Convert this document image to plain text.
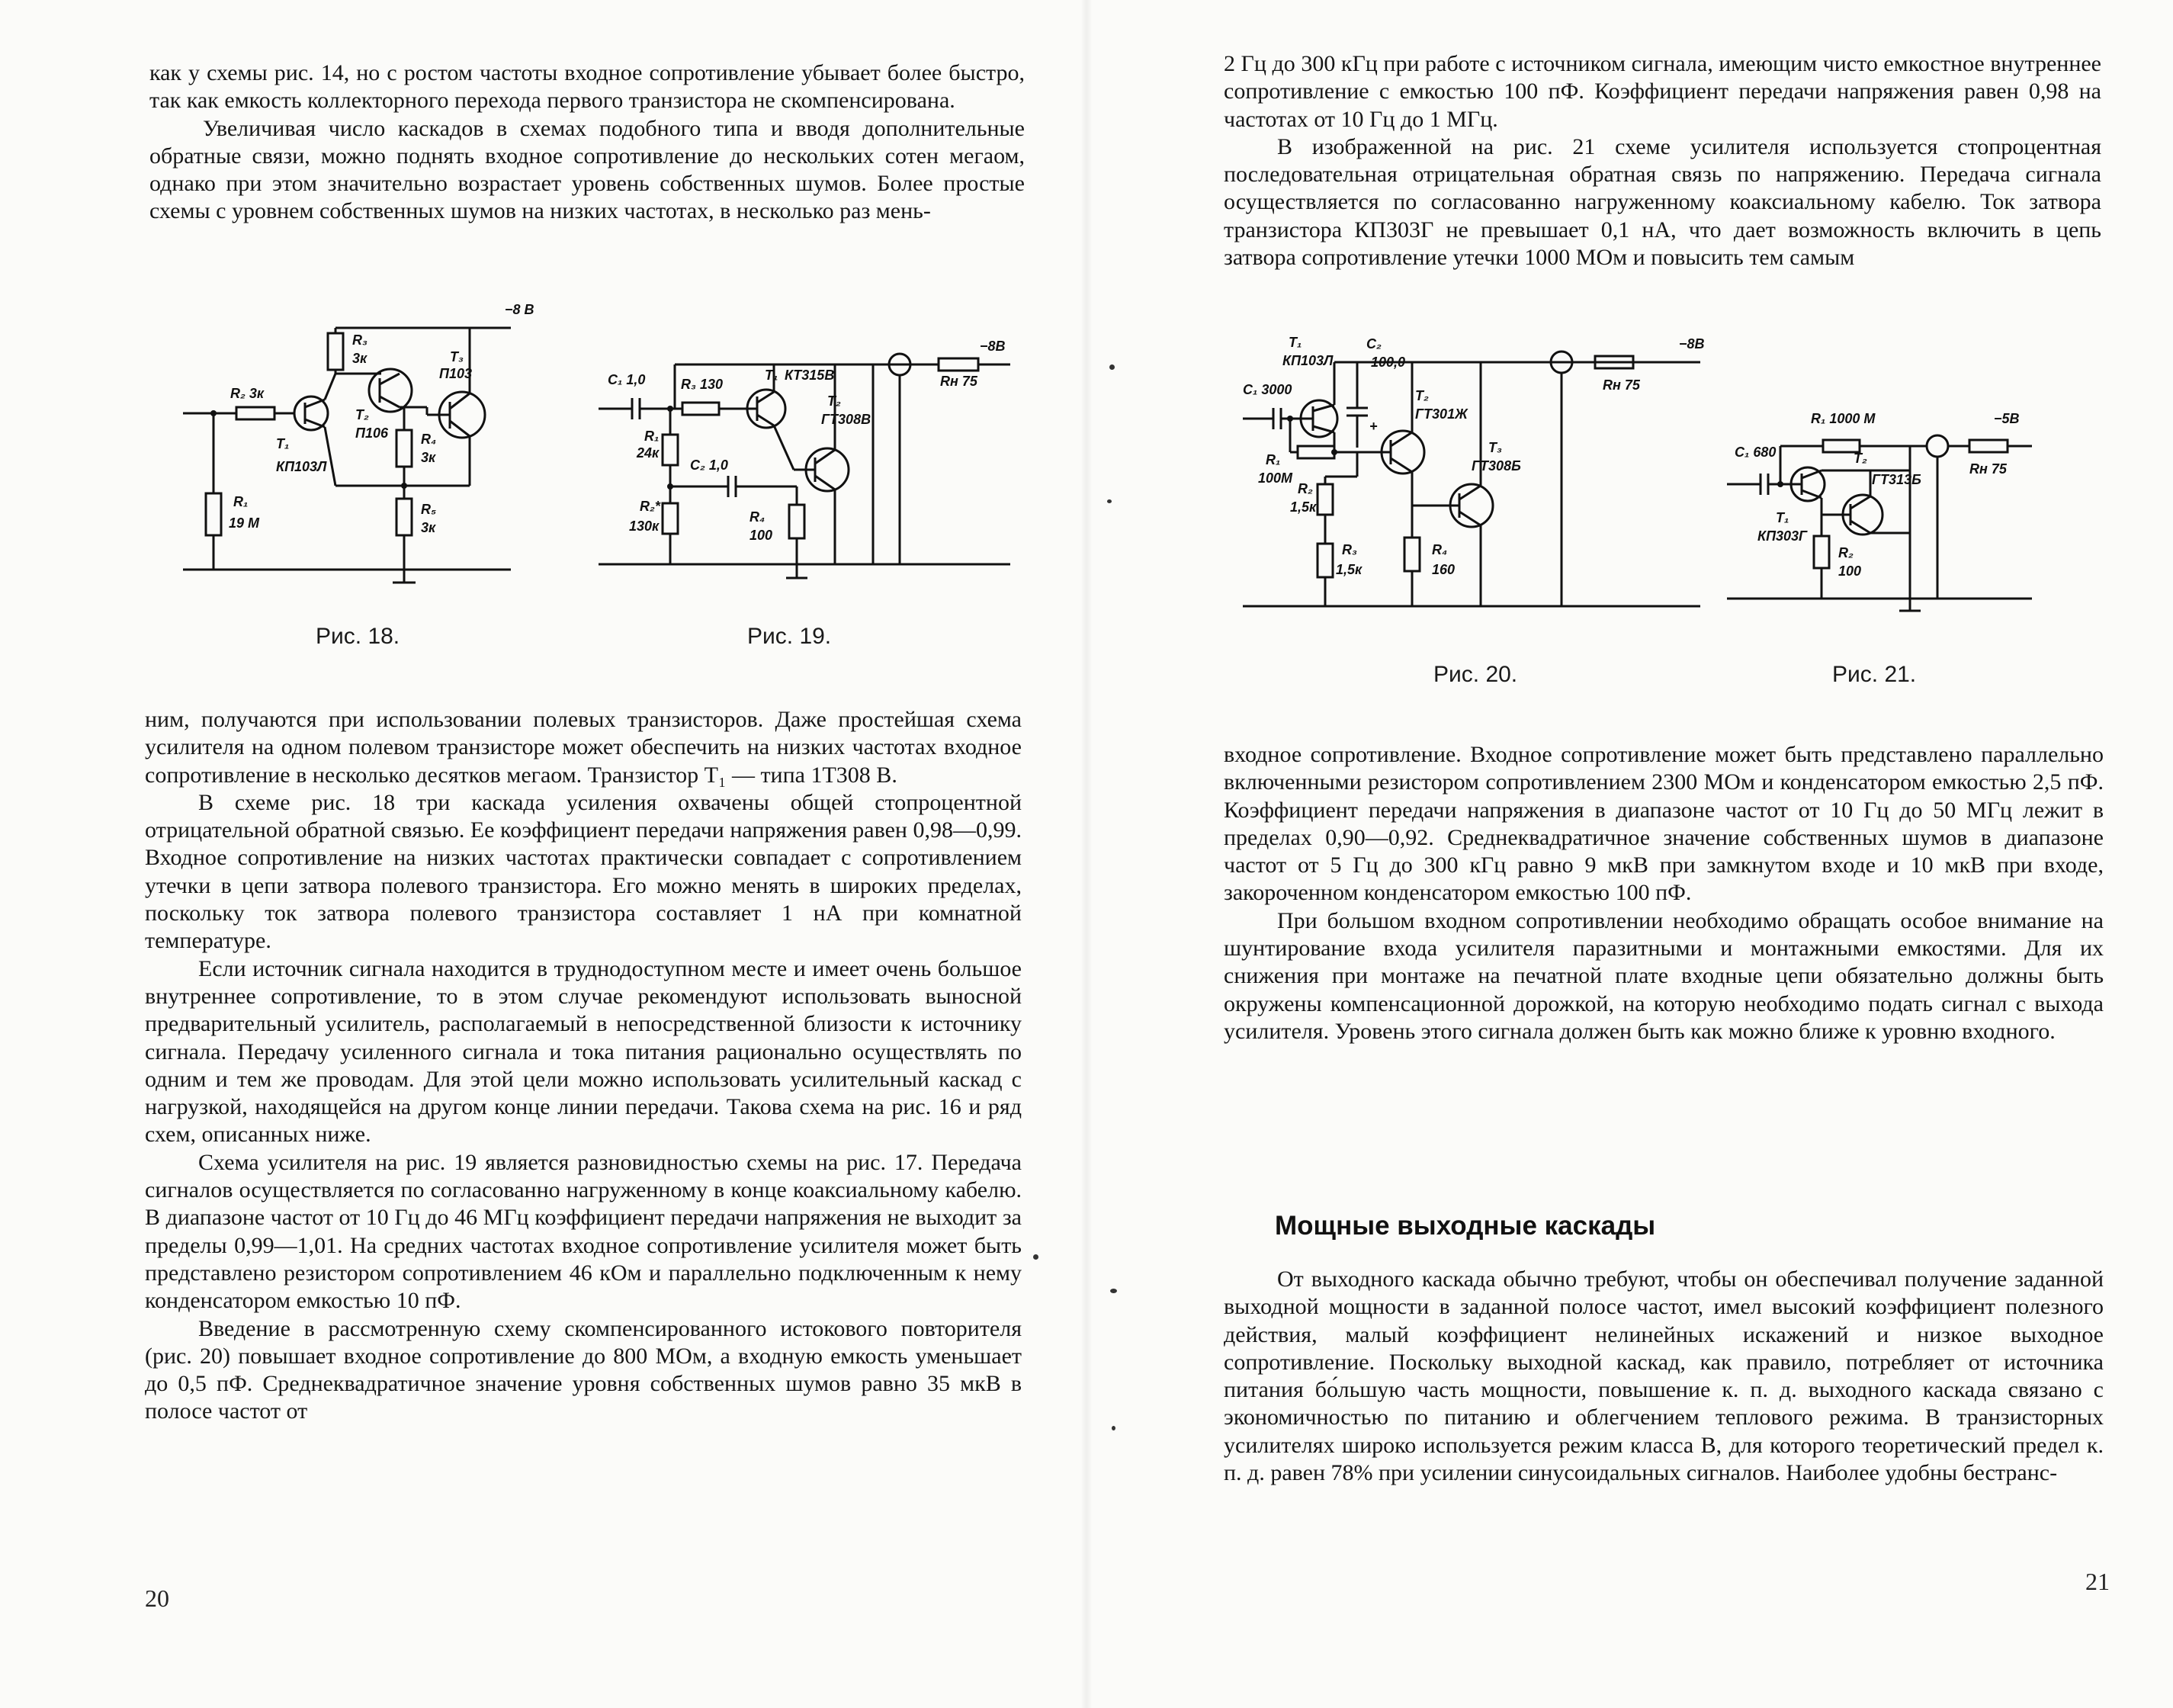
как у схемы рис. 14, но с ростом частоты входное сопротивление убывает более быстро, так как емкость коллекторного перехода первого транзистора не скомпенсирована.

Увеличивая число каскадов в схемах подобного типа и вводя дополнительные обратные связи, можно поднять входное сопротивление до нескольких сотен мегаом, однако при этом значительно возрастает уровень собственных шумов. Более простые схемы с уровнем собственных шумов на низких частотах, в несколько раз мень-

−8 В
R₃
3к
T₂
П106
T₃
П103
R₄
3к
R₅
3к
T₁
КП103Л
R₂ 3к
R₁
19 М
Рис. 18.
C₁ 1,0	R₃ 130
T₁ КТ315В
T₂
ГТ308В
−8В
Rн 75
R₁
24к
C₂ 1,0
R₂*
130к
R₄
100
Рис. 19.

ним, получаются при использовании полевых транзисторов. Даже простейшая схема усилителя на одном полевом транзисторе может обеспечить на низких частотах входное сопротивление в несколько десятков мегаом. Транзистор T₁ — типа 1Т308 В.

В схеме рис. 18 три каскада усиления охвачены общей стопроцентной отрицательной обратной связью. Ее коэффициент передачи напряжения равен 0,98—0,99. Входное сопротивление на низких частотах практически совпадает с сопротивлением утечки в цепи затвора полевого транзистора. Его можно менять в широких пределах, поскольку ток затвора полевого транзистора составляет 1 нА при комнатной температуре.

Если источник сигнала находится в труднодоступном месте и имеет очень большое внутреннее сопротивление, то в этом случае рекомендуют использовать выносной предварительный усилитель, располагаемый в непосредственной близости к источнику сигнала. Передачу усиленного сигнала и тока питания рационально осуществлять по одним и тем же проводам. Для этой цели можно использовать усилительный каскад с нагрузкой, находящейся на другом конце линии передачи. Такова схема на рис. 16 и ряд схем, описанных ниже.

Схема усилителя на рис. 19 является разновидностью схемы на рис. 17. Передача сигналов осуществляется по согласованно нагруженному в конце коаксиальному кабелю. В диапазоне частот от 10 Гц до 46 МГц коэффициент передачи напряжения не выходит за пределы 0,99—1,01. На средних частотах входное сопротивление усилителя может быть представлено резистором сопротивлением 46 кОм и параллельно подключенным к нему конденсатором емкостью 10 пФ.

Введение в рассмотренную схему скомпенсированного истокового повторителя (рис. 20) повышает входное сопротивление до 800 МОм, а входную емкость уменьшает до 0,5 пФ. Среднеквадратичное значение уровня собственных шумов равно 35 мкВ в полосе частот от

20

2 Гц до 300 кГц при работе с источником сигнала, имеющим чисто емкостное внутреннее сопротивление с емкостью 100 пФ. Коэффициент передачи напряжения равен 0,98 на частотах от 10 Гц до 1 МГц.

В изображенной на рис. 21 схеме усилителя используется стопроцентная последовательная отрицательная обратная связь по напряжению. Передача сигнала осуществляется по согласованно нагруженному коаксиальному кабелю. Ток затвора транзистора КП303Г не превышает 0,1 нА, что дает возможность включить в цепь затвора сопротивление утечки 1000 МОм и повысить тем самым

T₁
КП103Л
C₁ 3000
−8В
Rн 75
C₂
100,0
+
R₁
100М
T₂
ГТ301Ж
T₃
ГТ308Б
R₂
1,5к
R₃
1,5к
R₄
160
Рис. 20.
R₁ 1000 М	−5В
C₁ 680
T₁
КП303Г
T₂
ГТ313Б
R₂
100
Rн 75
Рис. 21.

входное сопротивление. Входное сопротивление может быть представлено параллельно включенными резистором сопротивлением 2300 МОм и конденсатором емкостью 2,5 пФ. Коэффициент передачи напряжения в диапазоне частот от 10 Гц до 50 МГц лежит в пределах 0,90—0,92. Среднеквадратичное значение собственных шумов в диапазоне частот от 5 Гц до 300 кГц равно 9 мкВ при замкнутом входе и 10 мкВ при входе, закороченном конденсатором емкостью 100 пФ.

При большом входном сопротивлении необходимо обращать особое внимание на шунтирование входа усилителя паразитными и монтажными емкостями. Для их снижения при монтаже на печатной плате входные цепи обязательно должны быть окружены компенсационной дорожкой, на которую необходимо подать сигнал с выхода усилителя. Уровень этого сигнала должен быть как можно ближе к уровню входного.

Мощные выходные каскады

От выходного каскада обычно требуют, чтобы он обеспечивал получение заданной выходной мощности в заданной полосе частот, имел высокий коэффициент полезного действия, малый коэффициент нелинейных искажений и низкое выходное сопротивление. Поскольку выходной каскад, как правило, потребляет от источника питания бо́льшую часть мощности, повышение к. п. д. выходного каскада связано с экономичностью по питанию и облегчением теплового режима. В транзисторных усилителях широко используется режим класса В, для которого теоретический предел к. п. д. равен 78% при усилении синусоидальных сигналов. Наиболее удобны бестранс-

21
